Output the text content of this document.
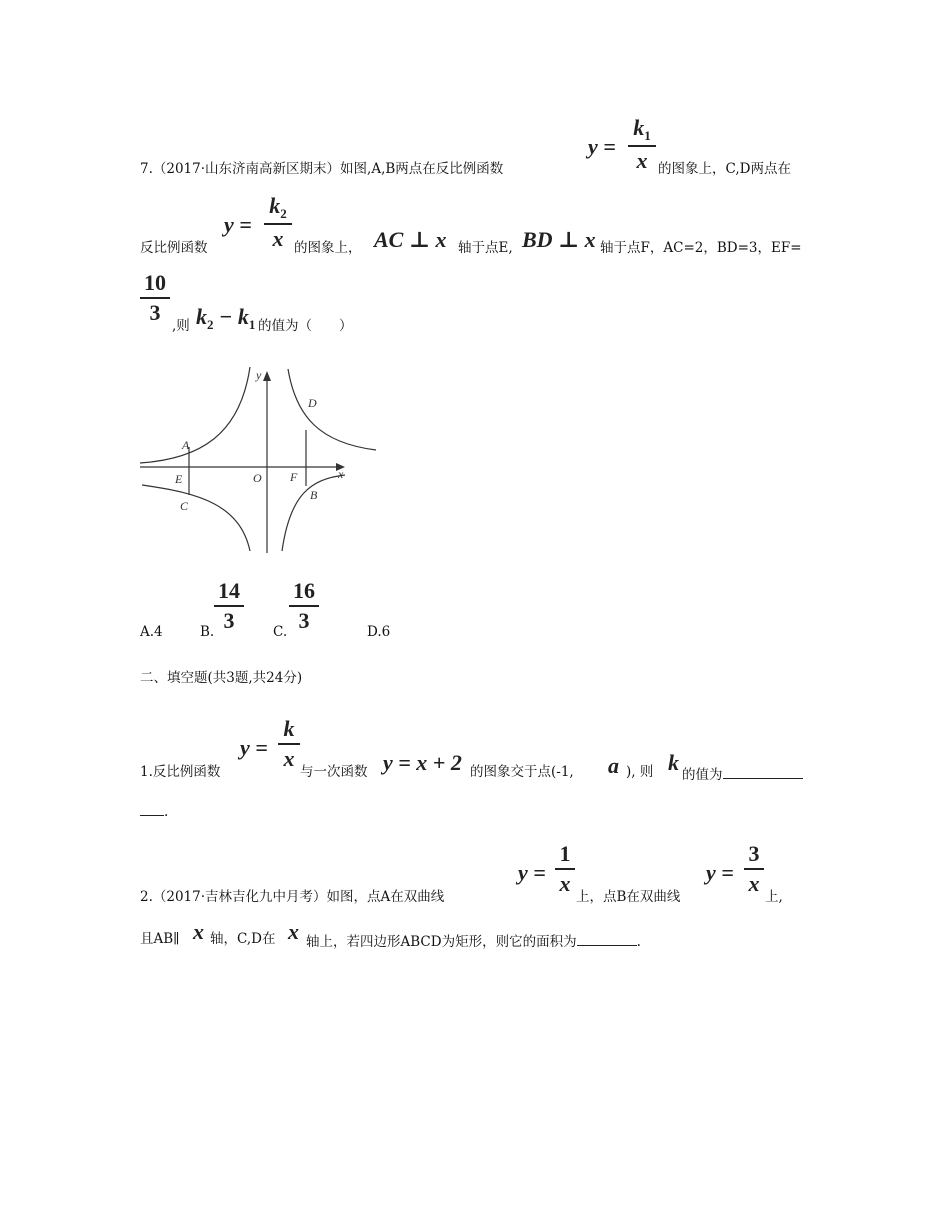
7.（2017·山东济南高新区期末）如图,A,B两点在反比例函数
y =
$k_1$
x 的图象上，C,D两点在
反比例函数
y =
$k_2$
x 的图象上， AC ⊥ x 轴于点E, BD ⊥ x 轴于点F，AC=2，BD=3，EF=
10
3
,则 $k_2 - k_1$ 的值为（　　）
y
x
O
A
E
C
D
F
B
A.4	B.
14
3	C.
16
3	D.6
二、填空题(共3题,共24分)
1.反比例函数
y =
k
x
与一次函数 y = x + 2 的图象交于点(-1, a ), 则 k 的值为
.
2.（2017·吉林吉化九中月考）如图，点A在双曲线
y =
1
x
上，点B在双曲线
y =
3
x
上,
且AB∥ x 轴，C,D在 x 轴上，若四边形ABCD为矩形，则它的面积为	.
